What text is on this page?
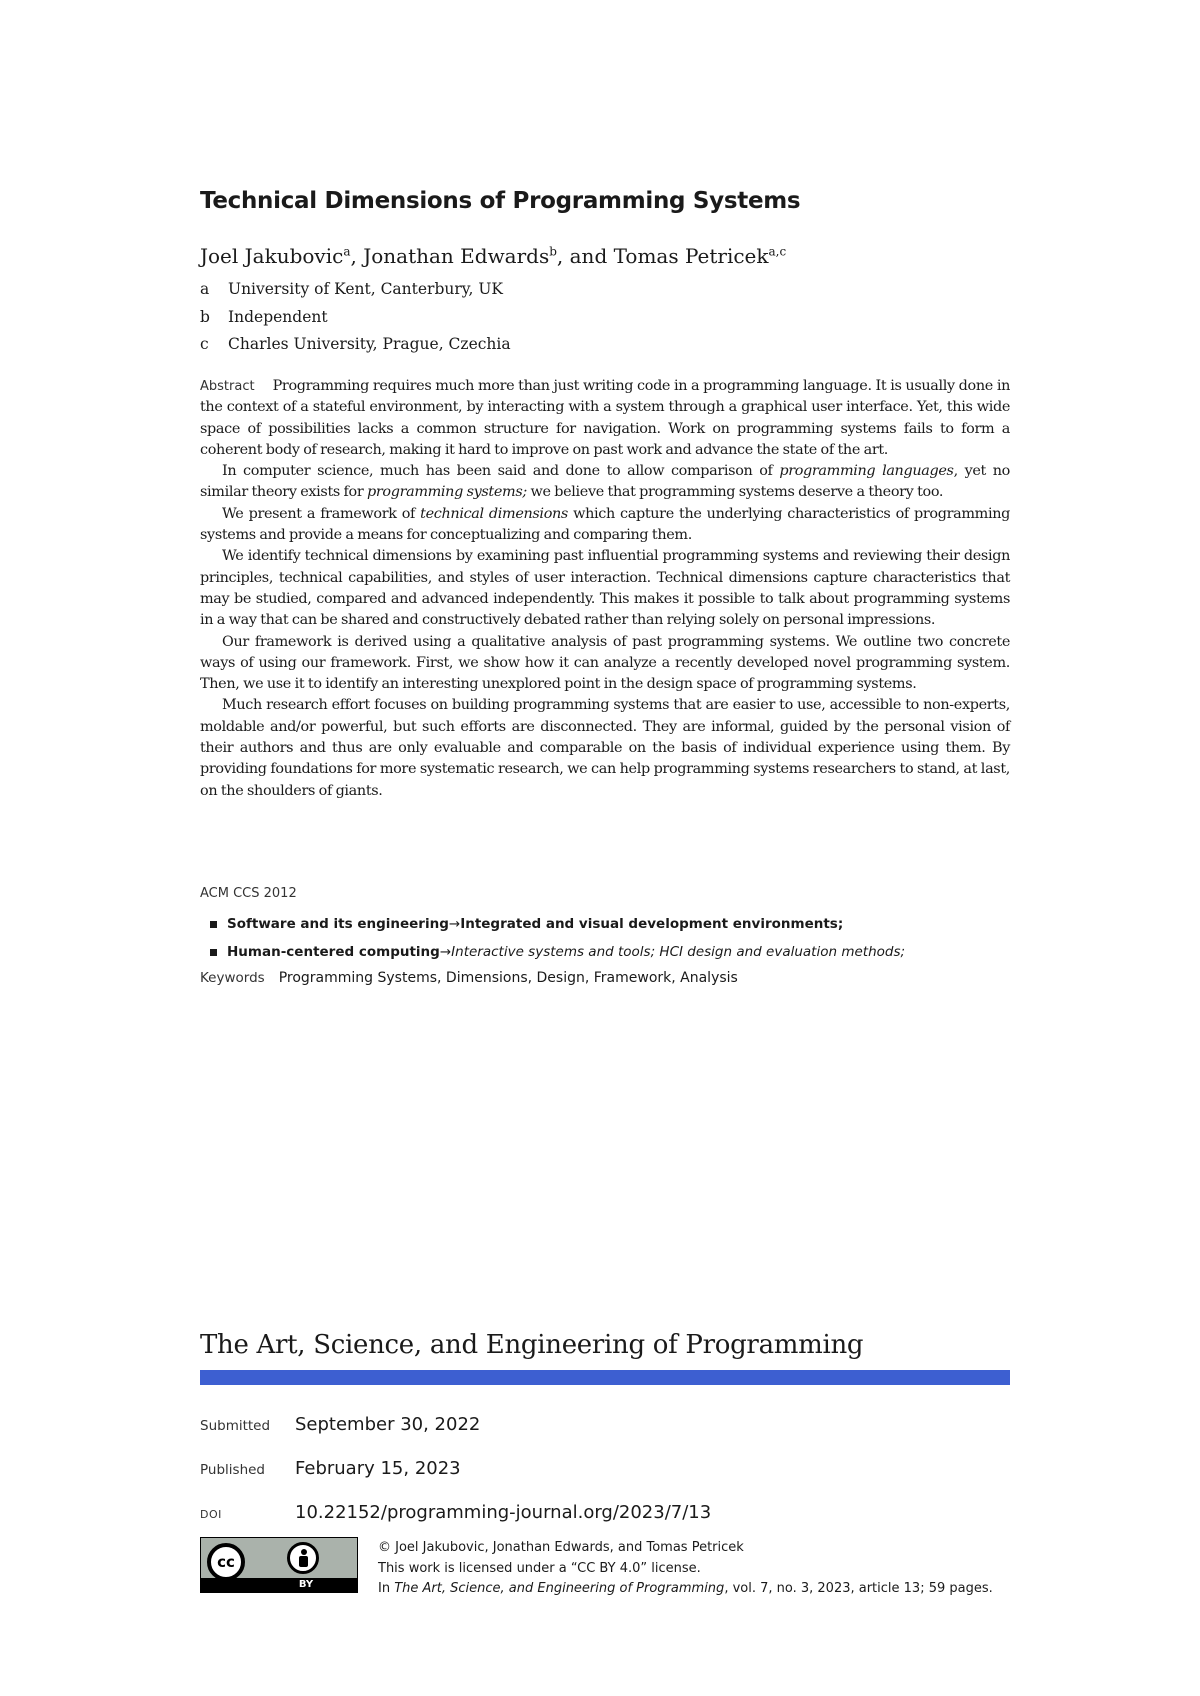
Technical Dimensions of Programming Systems
Joel Jakubovic$^a$, Jonathan Edwards$^b$, and Tomas Petricek$^{a,c}$
a	University of Kent, Canterbury, UK
b	Independent
c	Charles University, Prague, Czechia

Abstract Programming requires much more than just writing code in a programming language. It is usually done in the context of a stateful environment, by interacting with a system through a graphical user interface. Yet, this wide space of possibilities lacks a common structure for navigation. Work on programming systems fails to form a coherent body of research, making it hard to improve on past work and advance the state of the art.

In computer science, much has been said and done to allow comparison of programming languages, yet no similar theory exists for programming systems; we believe that programming systems deserve a theory too.

We present a framework of technical dimensions which capture the underlying characteristics of programming systems and provide a means for conceptualizing and comparing them.

We identify technical dimensions by examining past influential programming systems and reviewing their design principles, technical capabilities, and styles of user interaction. Technical dimensions capture characteristics that may be studied, compared and advanced independently. This makes it possible to talk about programming systems in a way that can be shared and constructively debated rather than relying solely on personal impressions.

Our framework is derived using a qualitative analysis of past programming systems. We outline two concrete ways of using our framework. First, we show how it can analyze a recently developed novel programming system. Then, we use it to identify an interesting unexplored point in the design space of programming systems.

Much research effort focuses on building programming systems that are easier to use, accessible to non-experts, moldable and/or powerful, but such efforts are disconnected. They are informal, guided by the personal vision of their authors and thus are only evaluable and comparable on the basis of individual experience using them. By providing foundations for more systematic research, we can help programming systems researchers to stand, at last, on the shoulders of giants.

ACM CCS 2012
Software and its engineering → Integrated and visual development environments;
Human-centered computing → Interactive systems and tools; HCI design and evaluation methods;
Keywords Programming Systems, Dimensions, Design, Framework, Analysis
The Art, Science, and Engineering of Programming
Submitted	September 30, 2022
Published	February 15, 2023
DOI	10.22152/programming-journal.org/2023/7/13
cc
BY
© Joel Jakubovic, Jonathan Edwards, and Tomas Petricek
This work is licensed under a “CC BY 4.0” license.
In The Art, Science, and Engineering of Programming, vol. 7, no. 3, 2023, article 13; 59 pages.
